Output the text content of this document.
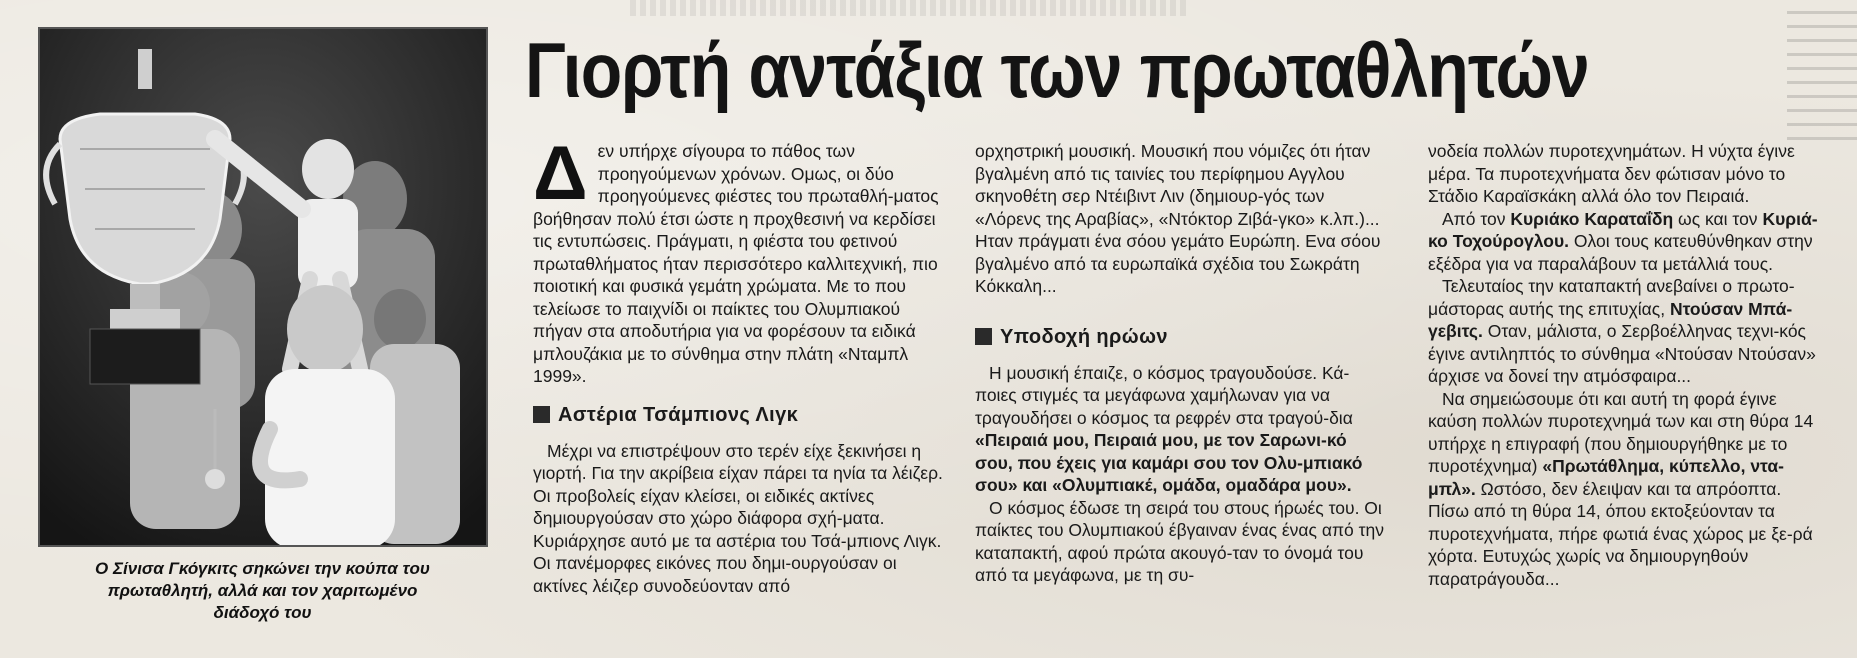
Ο Σίνισα Γκόγκιτς σηκώνει την κούπα του
πρωταθλητή, αλλά και τον χαριτωμένο
διάδοχό του
Γιορτή αντάξια των πρωταθλητών

Δεν υπήρχε σίγουρα το πάθος των προηγούμενων χρόνων. Ομως, οι δύο προηγούμενες φιέστες του πρωταθλή-ματος βοήθησαν πολύ έτσι ώστε η προχθεσινή να κερδίσει τις εντυπώσεις. Πράγματι, η φιέστα του φετινού πρωταθλήματος ήταν περισσότερο καλλιτεχνική, πιο ποιοτική και φυσικά γεμάτη χρώματα. Με το που τελείωσε το παιχνίδι οι παίκτες του Ολυμπιακού πήγαν στα αποδυτήρια για να φορέσουν τα ειδικά μπλουζάκια με το σύνθημα στην πλάτη «Νταμπλ 1999».

Αστέρια Τσάμπιονς Λιγκ

Μέχρι να επιστρέψουν στο τερέν είχε ξεκινήσει η γιορτή. Για την ακρίβεια είχαν πάρει τα ηνία τα λέιζερ. Οι προβολείς είχαν κλείσει, οι ειδικές ακτίνες δημιουργούσαν στο χώρο διάφορα σχή-ματα. Κυριάρχησε αυτό με τα αστέρια του Τσά-μπιονς Λιγκ. Οι πανέμορφες εικόνες που δημι-ουργούσαν οι ακτίνες λέιζερ συνοδεύονταν από

ορχηστρική μουσική. Μουσική που νόμιζες ότι ήταν βγαλμένη από τις ταινίες του περίφημου Αγγλου σκηνοθέτη σερ Ντέιβιντ Λιν (δημιουρ-γός των «Λόρενς της Αραβίας», «Ντόκτορ Ζιβά-γκο» κ.λπ.)... Ηταν πράγματι ένα σόου γεμάτο Ευρώπη. Ενα σόου βγαλμένο από τα ευρωπαϊκά σχέδια του Σωκράτη Κόκκαλη...

Υποδοχή ηρώων

Η μουσική έπαιζε, ο κόσμος τραγουδούσε. Κά-ποιες στιγμές τα μεγάφωνα χαμήλωναν για να τραγουδήσει ο κόσμος τα ρεφρέν στα τραγού-δια «Πειραιά μου, Πειραιά μου, με τον Σαρωνι-κό σου, που έχεις για καμάρι σου τον Ολυ-μπιακό σου» και «Ολυμπιακέ, ομάδα, ομαδάρα μου».

Ο κόσμος έδωσε τη σειρά του στους ήρωές του. Οι παίκτες του Ολυμπιακού έβγαιναν ένας ένας από την καταπακτή, αφού πρώτα ακουγό-ταν το όνομά του από τα μεγάφωνα, με τη συ-

νοδεία πολλών πυροτεχνημάτων. Η νύχτα έγινε μέρα. Τα πυροτεχνήματα δεν φώτισαν μόνο το Στάδιο Καραϊσκάκη αλλά όλο τον Πειραιά.

Από τον Κυριάκο Καραταΐδη ως και τον Κυριά-κο Τοχούρογλου. Ολοι τους κατευθύνθηκαν στην εξέδρα για να παραλάβουν τα μετάλλιά τους.

Τελευταίος την καταπακτή ανεβαίνει ο πρωτο-μάστορας αυτής της επιτυχίας, Ντούσαν Μπά-γεβιτς. Οταν, μάλιστα, ο Σερβοέλληνας τεχνι-κός έγινε αντιληπτός το σύνθημα «Ντούσαν Ντούσαν» άρχισε να δονεί την ατμόσφαιρα...

Να σημειώσουμε ότι και αυτή τη φορά έγινε καύση πολλών πυροτεχνημά των και στη θύρα 14 υπήρχε η επιγραφή (που δημιουργήθηκε με το πυροτέχνημα) «Πρωτάθλημα, κύπελλο, ντα-μπλ». Ωστόσο, δεν έλειψαν και τα απρόοπτα. Πίσω από τη θύρα 14, όπου εκτοξεύονταν τα πυροτεχνήματα, πήρε φωτιά ένας χώρος με ξε-ρά χόρτα. Ευτυχώς χωρίς να δημιουργηθούν παρατράγουδα...
